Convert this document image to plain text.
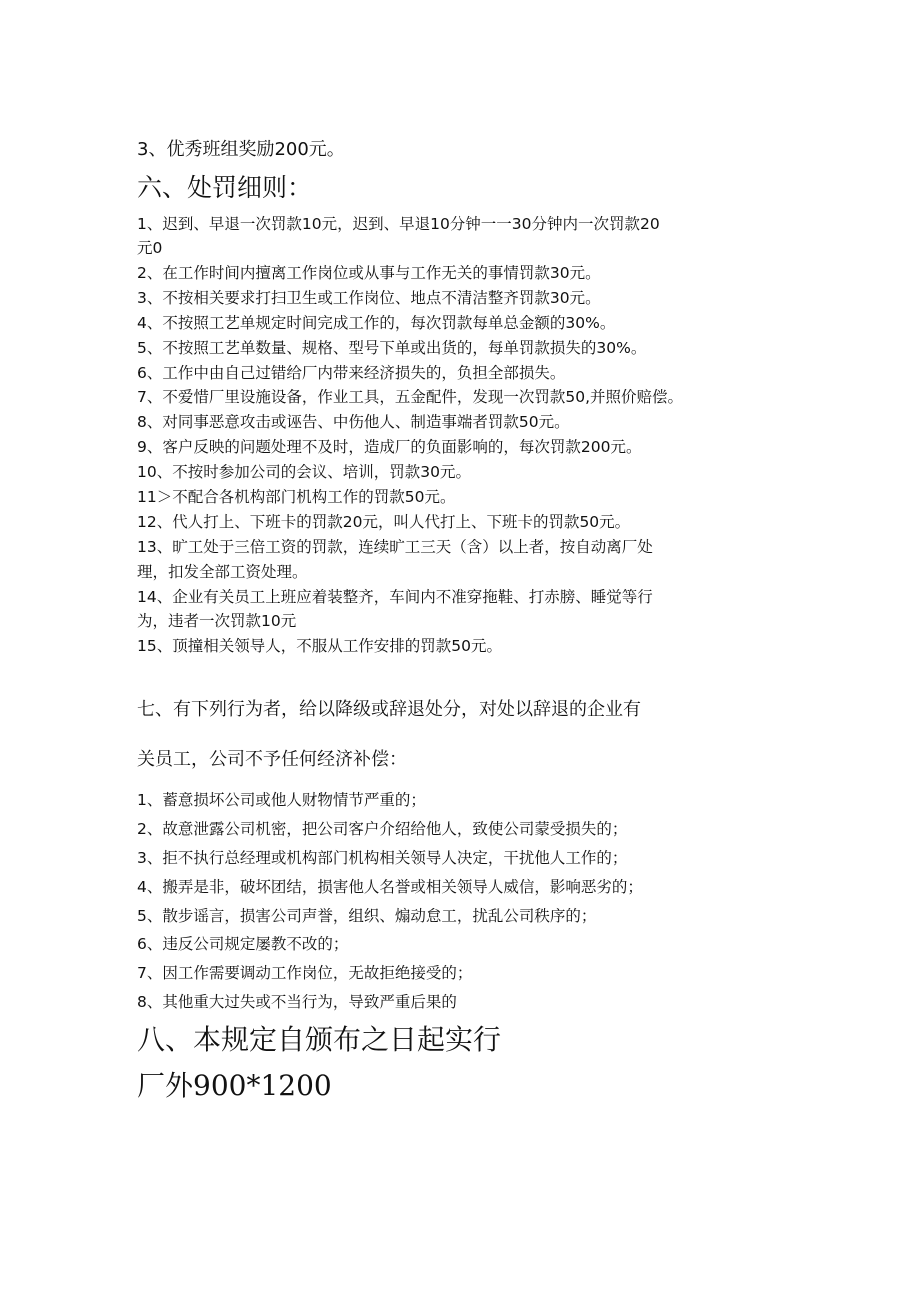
3、优秀班组奖励200元。
六、处罚细则：
1、迟到、早退一次罚款10元，迟到、早退10分钟一一30分钟内一次罚款20
元0
2、在工作时间内擅离工作岗位或从事与工作无关的事情罚款30元。
3、不按相关要求打扫卫生或工作岗位、地点不清洁整齐罚款30元。
4、不按照工艺单规定时间完成工作的，每次罚款每单总金额的30%。
5、不按照工艺单数量、规格、型号下单或出货的，每单罚款损失的30%。
6、工作中由自己过错给厂内带来经济损失的，负担全部损失。
7、不爱惜厂里设施设备，作业工具，五金配件，发现一次罚款50,并照价赔偿。
8、对同事恶意攻击或诬告、中伤他人、制造事端者罚款50元。
9、客户反映的问题处理不及时，造成厂的负面影响的，每次罚款200元。
10、不按时参加公司的会议、培训，罚款30元。
11＞不配合各机构部门机构工作的罚款50元。
12、代人打上、下班卡的罚款20元，叫人代打上、下班卡的罚款50元。
13、旷工处于三倍工资的罚款，连续旷工三天（含）以上者，按自动离厂处
理，扣发全部工资处理。
14、企业有关员工上班应着装整齐，车间内不准穿拖鞋、打赤膀、睡觉等行
为，违者一次罚款10元
15、顶撞相关领导人，不服从工作安排的罚款50元。
七、有下列行为者，给以降级或辞退处分，对处以辞退的企业有
关员工，公司不予任何经济补偿：
1、蓄意损坏公司或他人财物情节严重的；
2、故意泄露公司机密，把公司客户介绍给他人，致使公司蒙受损失的；
3、拒不执行总经理或机构部门机构相关领导人决定，干扰他人工作的；
4、搬弄是非，破坏团结，损害他人名誉或相关领导人威信，影响恶劣的；
5、散步谣言，损害公司声誉，组织、煽动怠工，扰乱公司秩序的；
6、违反公司规定屡教不改的；
7、因工作需要调动工作岗位，无故拒绝接受的；
8、其他重大过失或不当行为，导致严重后果的
八、本规定自颁布之日起实行
厂外900*1200
